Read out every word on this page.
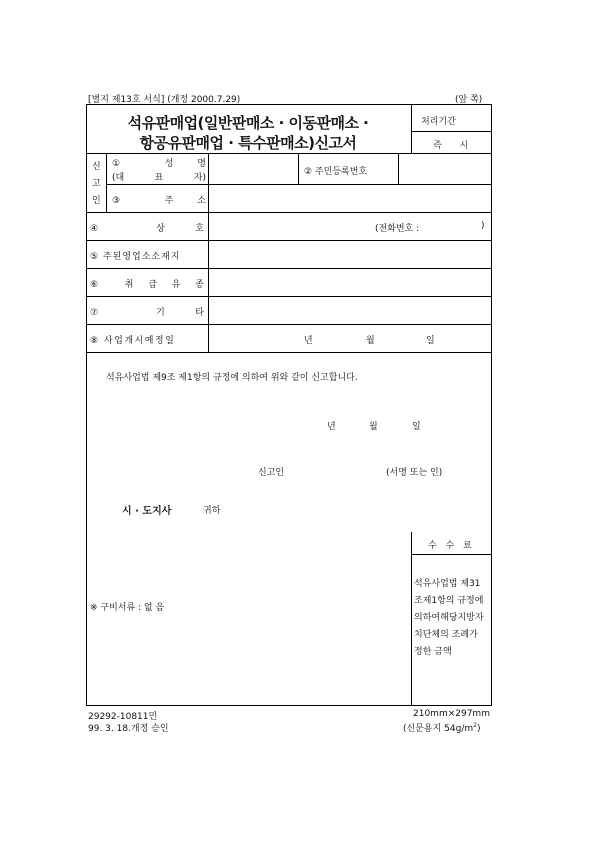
[별지 제13호 서식] (개정 2000.7.29)	(앞 쪽)
석유판매업(일반판매소 · 이동판매소 ·
항공유판매업 · 특수판매소)신고서
처리기간
즉 시
신
고
인
① 성 명
(대 표 자)
② 주민등록번호
③ 주 소
④ 상 호	(전화번호 :	)
⑤ 주된영업소소재지
⑥ 취 급 유 종
⑦ 기 타
⑧ 사업개시예정일	년	월	일
석유사업법 제9조 제1항의 규정에 의하여 위와 같이 신고합니다.
년	월	일
신고인	(서명 또는 인)
시 · 도지사	귀하
수 수 료
석유사업법 제31
조제1항의 규정에
의하여해당지방자
치단체의 조례가
정한 금액
※ 구비서류 : 없 음
29292-10811민
99. 3. 18.개정 승인
210mm×297mm
(신문용지 $54g/m^2$)
